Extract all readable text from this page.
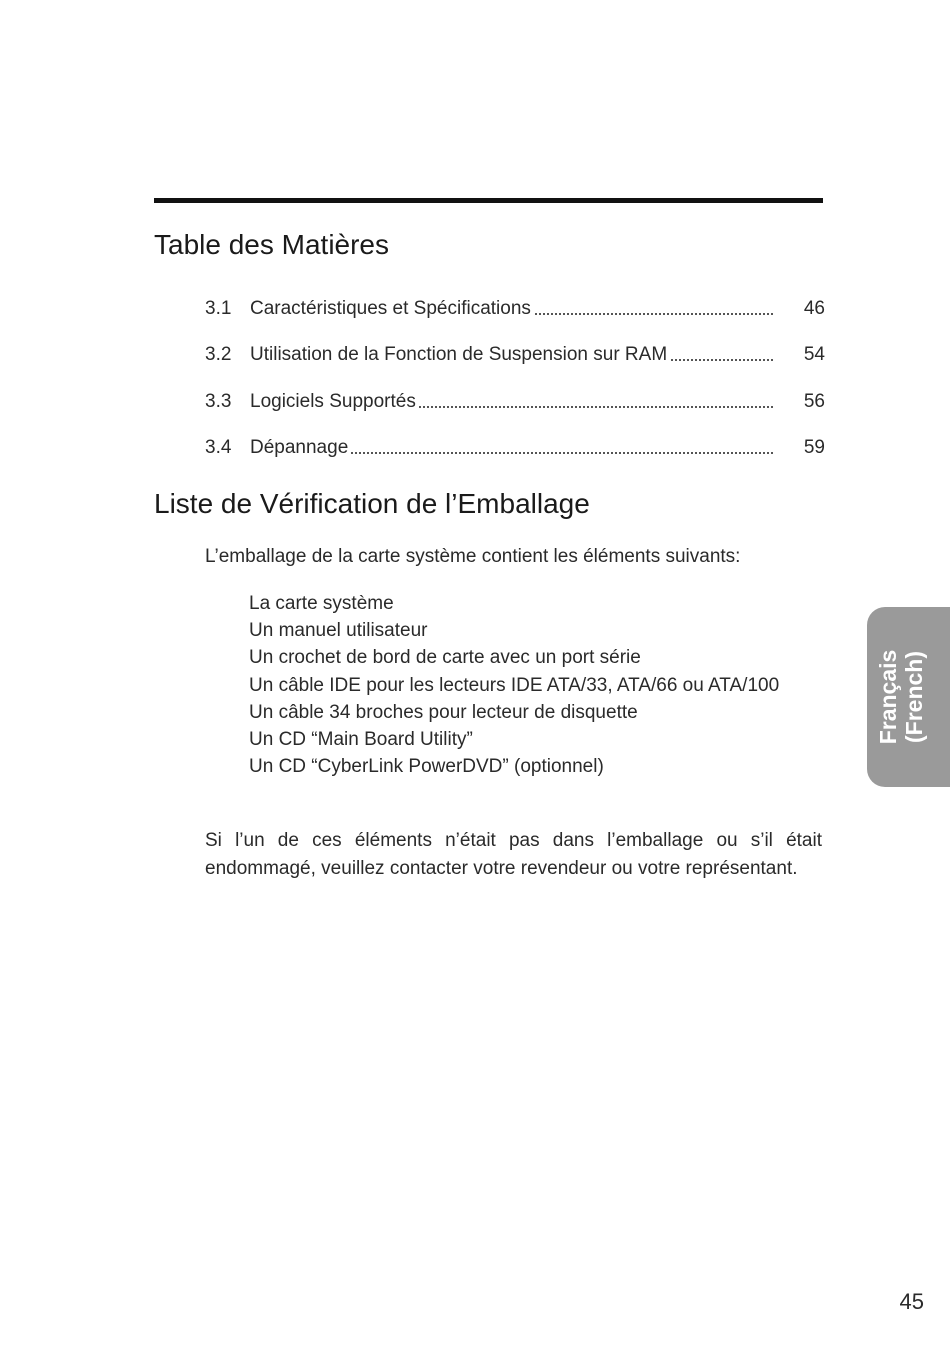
Table des Matières
3.1 Caractéristiques et Spécifications	46
3.2 Utilisation de la Fonction de Suspension sur RAM	54
3.3 Logiciels Supportés	56
3.4 Dépannage	59
Liste de Vérification de l’Emballage

L’emballage de la carte système contient les éléments suivants:

La carte système
Un manuel utilisateur
Un crochet de bord de carte avec un port série
Un câble IDE pour les lecteurs IDE ATA/33, ATA/66 ou ATA/100
Un câble 34 broches pour lecteur de disquette
Un CD “Main Board Utility”
Un CD “CyberLink PowerDVD” (optionnel)

Si l’un de ces éléments n’était pas dans l’emballage ou s’il était endommagé, veuillez contacter votre revendeur ou votre représentant.

Français (French)
45
